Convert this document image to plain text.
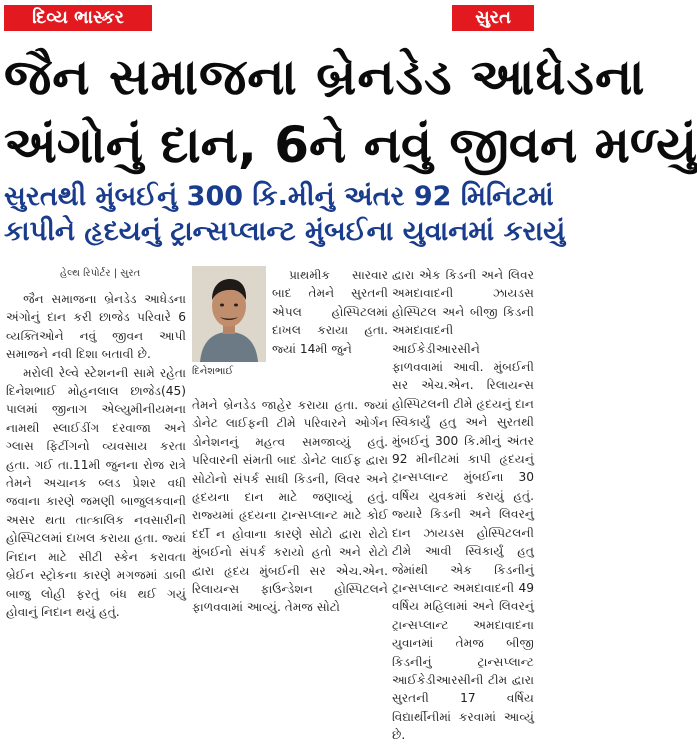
દિવ્ય ભાસ્કર	સુરત
જૈન સમાજના બ્રેનડેડ આધેડના
અંગોનું દાન, 6ને નવું જીવન મળ્યું
સુરતથી મુંબઈનું 300 કિ.મીનું અંતર 92 મિનિટમાં
કાપીને હૃદયનું ટ્રાન્સપ્લાન્ટ મુંબઈના યુવાનમાં કરાયું
હેલ્થ રિપોર્ટર | સુરત

જૈન સમાજના બ્રેનડેડ આધેડના અંગોનું દાન કરી છાજેડ પરિવારે 6 વ્યક્તિઓને નવું જીવન આપી સમાજને નવી દિશા બતાવી છે.

મરોલી રેલ્વે સ્ટેશનની સામે રહેતા દિનેશભાઈ મોહનલાલ છાજેડ(45) પાલમાં જીનાગ એલ્યુમીનીયમના નામથી સ્લાઈડીંગ દરવાજા અને ગ્લાસ ફિટીંગનો વ્યવસાય કરતા હતા. ગઈ તા.11મી જુનના રોજ રાત્રે તેમને અચાનક બ્લડ પ્રેશર વધી જવાના કારણે જમણી બાજુલકવાની અસર થતા તાત્કાલિક નવસારીની હોસ્પિટલમાં દાખલ કરાયા હતા. જ્યાં નિદાન માટે સીટી સ્કેન કરાવતા બ્રેઈન સ્ટ્રોકના કારણે મગજમાં ડાબી બાજુ લોહી ફરતું બંધ થઈ ગયું હોવાનું નિદાન થયું હતું.

દિનેશભાઈ

પ્રાથમીક સારવાર બાદ તેમને સુરતની એપલ હોસ્પિટલમાં દાખલ કરાયા હતા. જ્યાં 14મી જુને

તેમને બ્રેનડેડ જાહેર કરાયા હતા. જ્યાં ડોનેટ લાઈફની ટીમે પરિવારને ઓર્ગન ડોનેશનનું મહત્વ સમજાવ્યું હતું. પરિવારની સંમતી બાદ ડોનેટ લાઈફ દ્વારા સોટોનો સંપર્ક સાધી કિડની, લિવર અને હૃદયના દાન માટે જણાવ્યું હતું. રાજ્યમાં હૃદયના ટ્રાન્સપ્લાન્ટ માટે કોઈ દર્દી ન હોવાના કારણે સોટો દ્વારા રોટો મુંબઈનો સંપર્ક કરાયો હતો અને રોટો દ્વારા હૃદય મુંબઈની સર એચ.એન. રિલાયન્સ ફાઉન્ડેશન હોસ્પિટલને ફાળવવામાં આવ્યું. તેમજ સોટો

દ્વારા એક કિડની અને લિવર અમદાવાદની ઝાયડસ હોસ્પિટલ અને બીજી કિડની અમદાવાદની આઈકેડીઆરસીને ફાળવવામાં આવી. મુંબઈની સર એચ.એન. રિલાયન્સ હોસ્પિટલની ટીમે હૃદયનું દાન સ્વિકાર્યું હતુ અને સુરતથી મુંબઈનું 300 કિ.મીનું અંતર 92 મીનીટમાં કાપી હૃદયનું ટ્રાન્સપ્લાન્ટ મુંબઈના 30 વર્ષિય યુવકમાં કરાયું હતું. જ્યારે કિડની અને લિવરનું દાન ઝાયડસ હોસ્પિટલની ટીમે આવી સ્વિકાર્યું હતુ જેમાંથી એક કિડનીનું ટ્રાન્સપ્લાન્ટ અમદાવાદની 49 વર્ષિય મહિલામાં અને લિવરનું ટ્રાન્સપ્લાન્ટ અમદાવાદના યુવાનમાં તેમજ બીજી કિડનીનું ટ્રાન્સપ્લાન્ટ આઈકેડીઆરસીની ટીમ દ્વારા સુરતની 17 વર્ષિય વિદ્યાર્થીનીમાં કરવામાં આવ્યું છે.
